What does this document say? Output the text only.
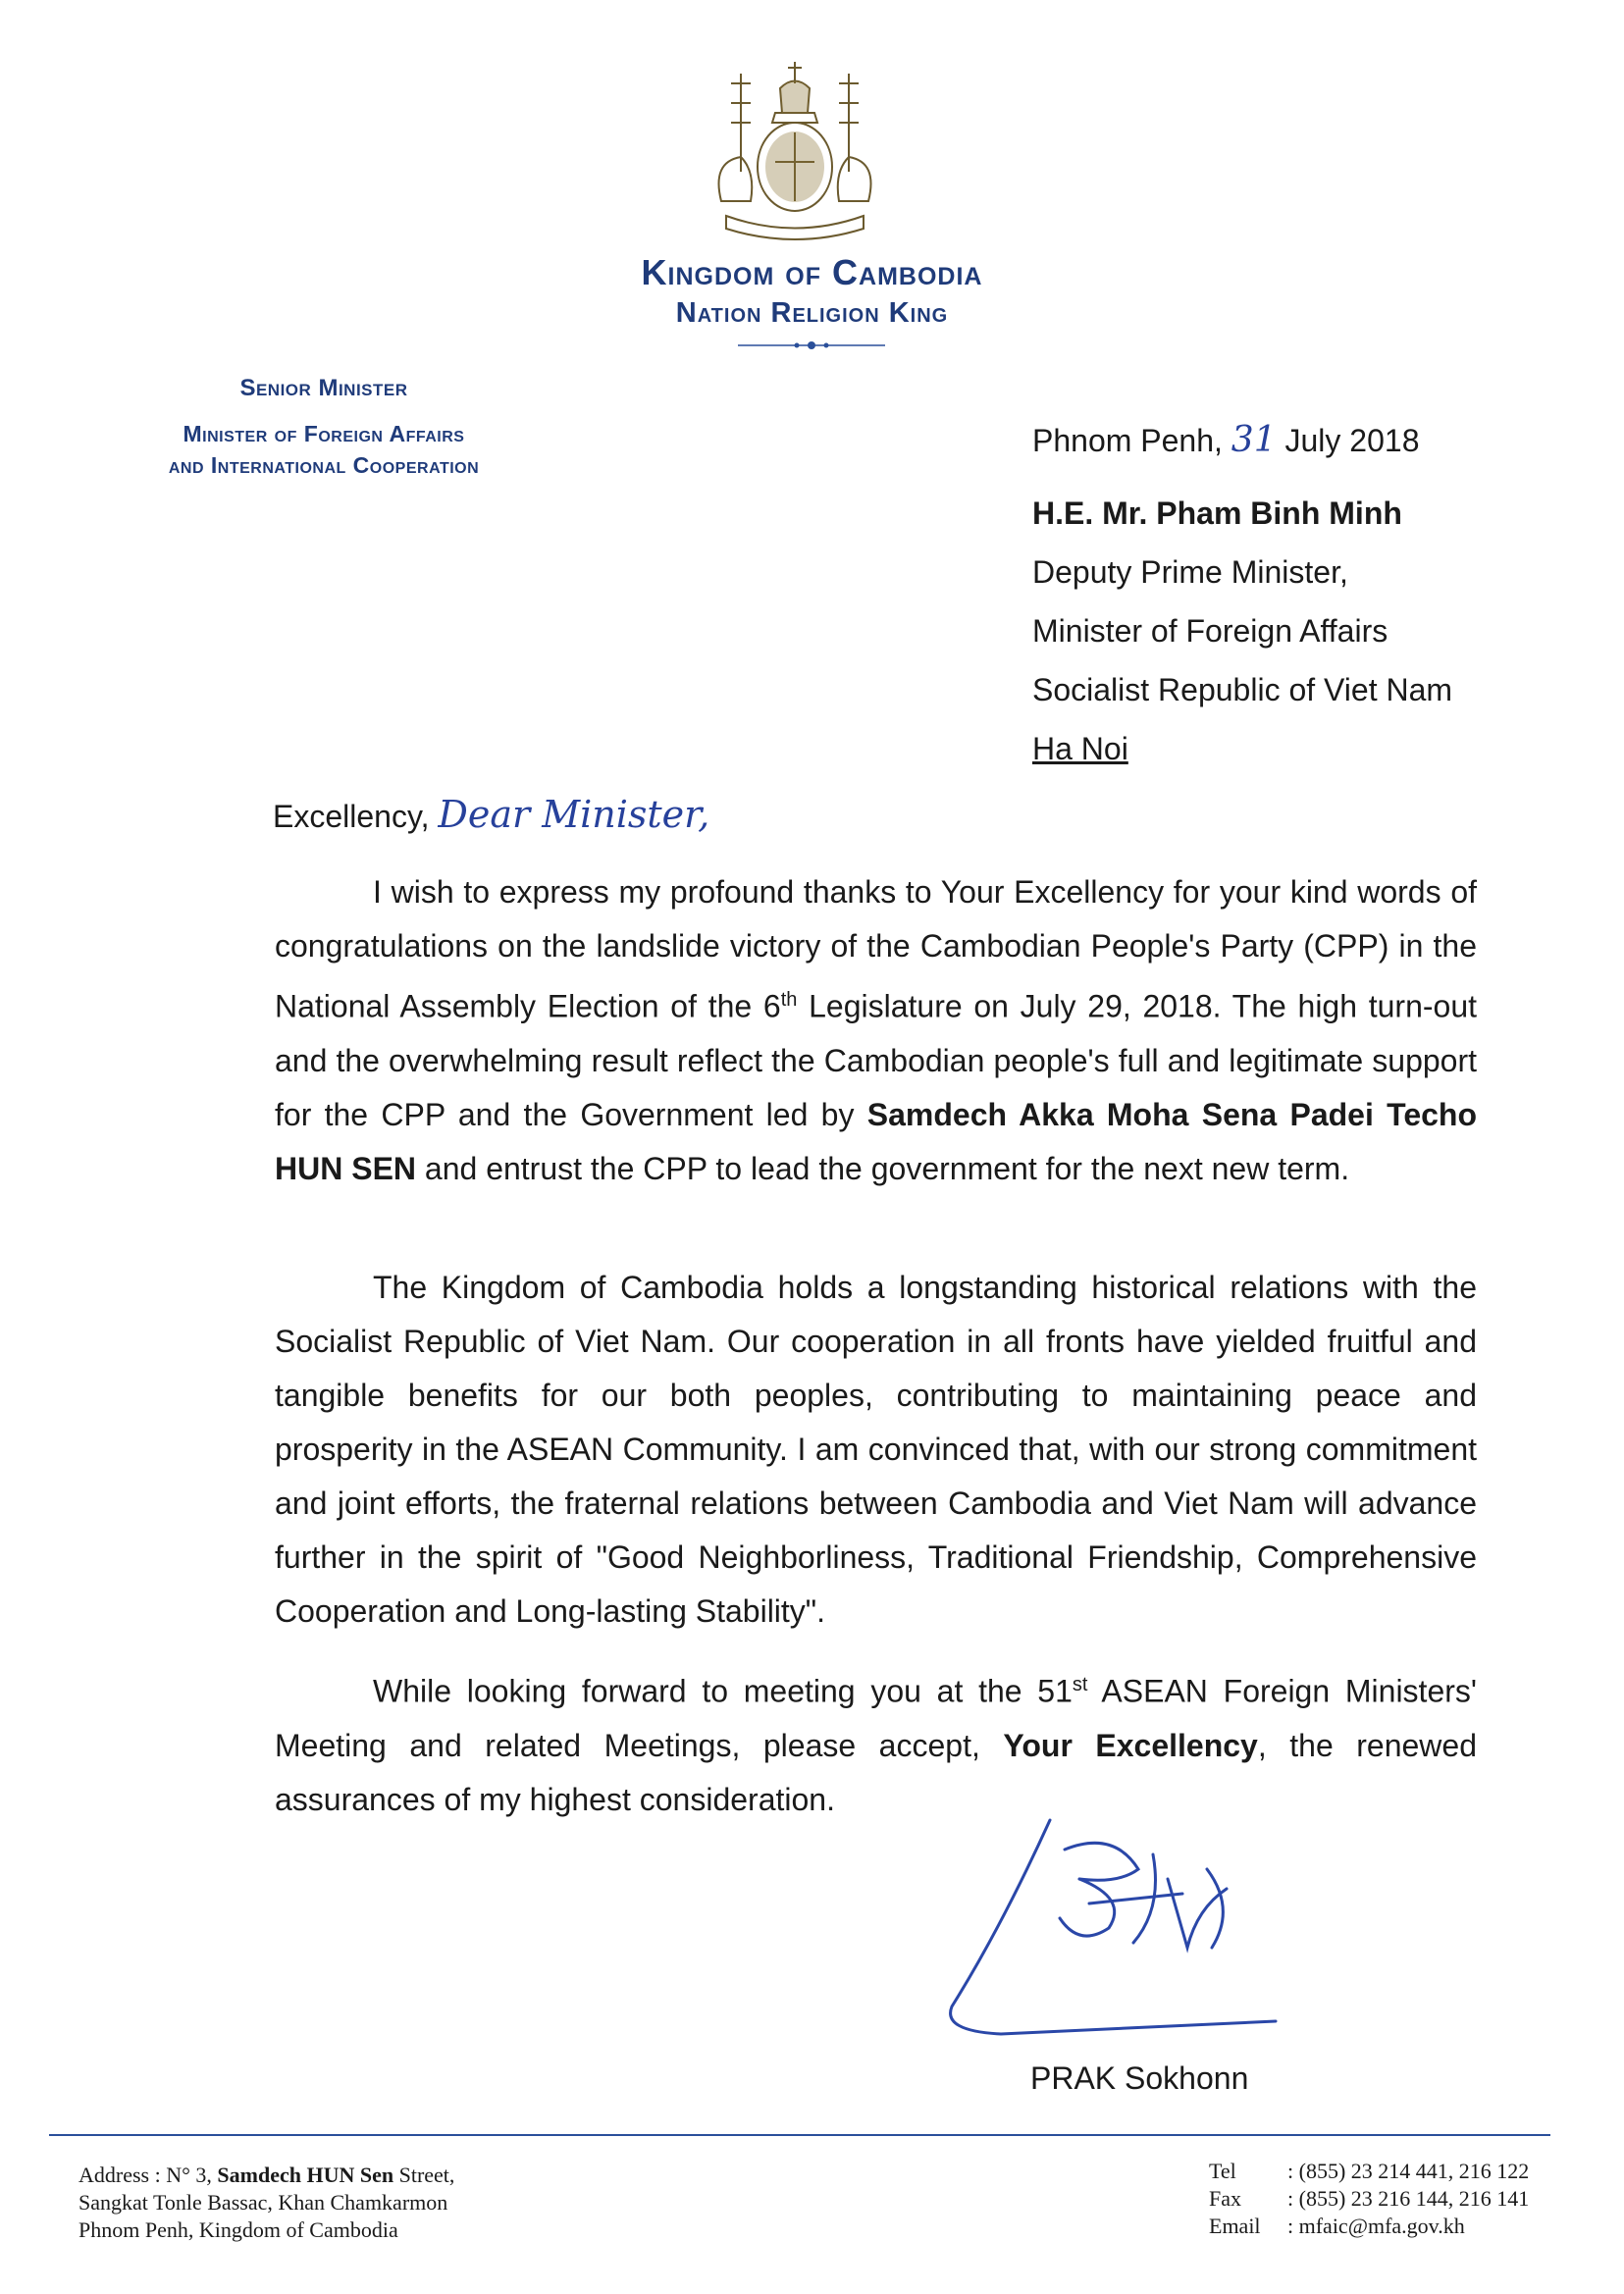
Kingdom of Cambodia
Nation Religion King
Senior Minister
Minister of Foreign Affairs
and International Cooperation
Phnom Penh, 31 July 2018
H.E. Mr. Pham Binh Minh
Deputy Prime Minister,
Minister of Foreign Affairs
Socialist Republic of Viet Nam
Ha Noi
Excellency, Dear Minister,
I wish to express my profound thanks to Your Excellency for your kind words of congratulations on the landslide victory of the Cambodian People's Party (CPP) in the National Assembly Election of the 6th Legislature on July 29, 2018. The high turn-out and the overwhelming result reflect the Cambodian people's full and legitimate support for the CPP and the Government led by Samdech Akka Moha Sena Padei Techo HUN SEN and entrust the CPP to lead the government for the next new term.
The Kingdom of Cambodia holds a longstanding historical relations with the Socialist Republic of Viet Nam. Our cooperation in all fronts have yielded fruitful and tangible benefits for our both peoples, contributing to maintaining peace and prosperity in the ASEAN Community. I am convinced that, with our strong commitment and joint efforts, the fraternal relations between Cambodia and Viet Nam will advance further in the spirit of "Good Neighborliness, Traditional Friendship, Comprehensive Cooperation and Long-lasting Stability".
While looking forward to meeting you at the 51st ASEAN Foreign Ministers' Meeting and related Meetings, please accept, Your Excellency, the renewed assurances of my highest consideration.
PRAK Sokhonn
Address : N° 3, Samdech HUN Sen Street,
Sangkat Tonle Bassac, Khan Chamkarmon
Phnom Penh, Kingdom of Cambodia
Tel : (855) 23 214 441, 216 122
Fax : (855) 23 216 144, 216 141
Email : mfaic@mfa.gov.kh
